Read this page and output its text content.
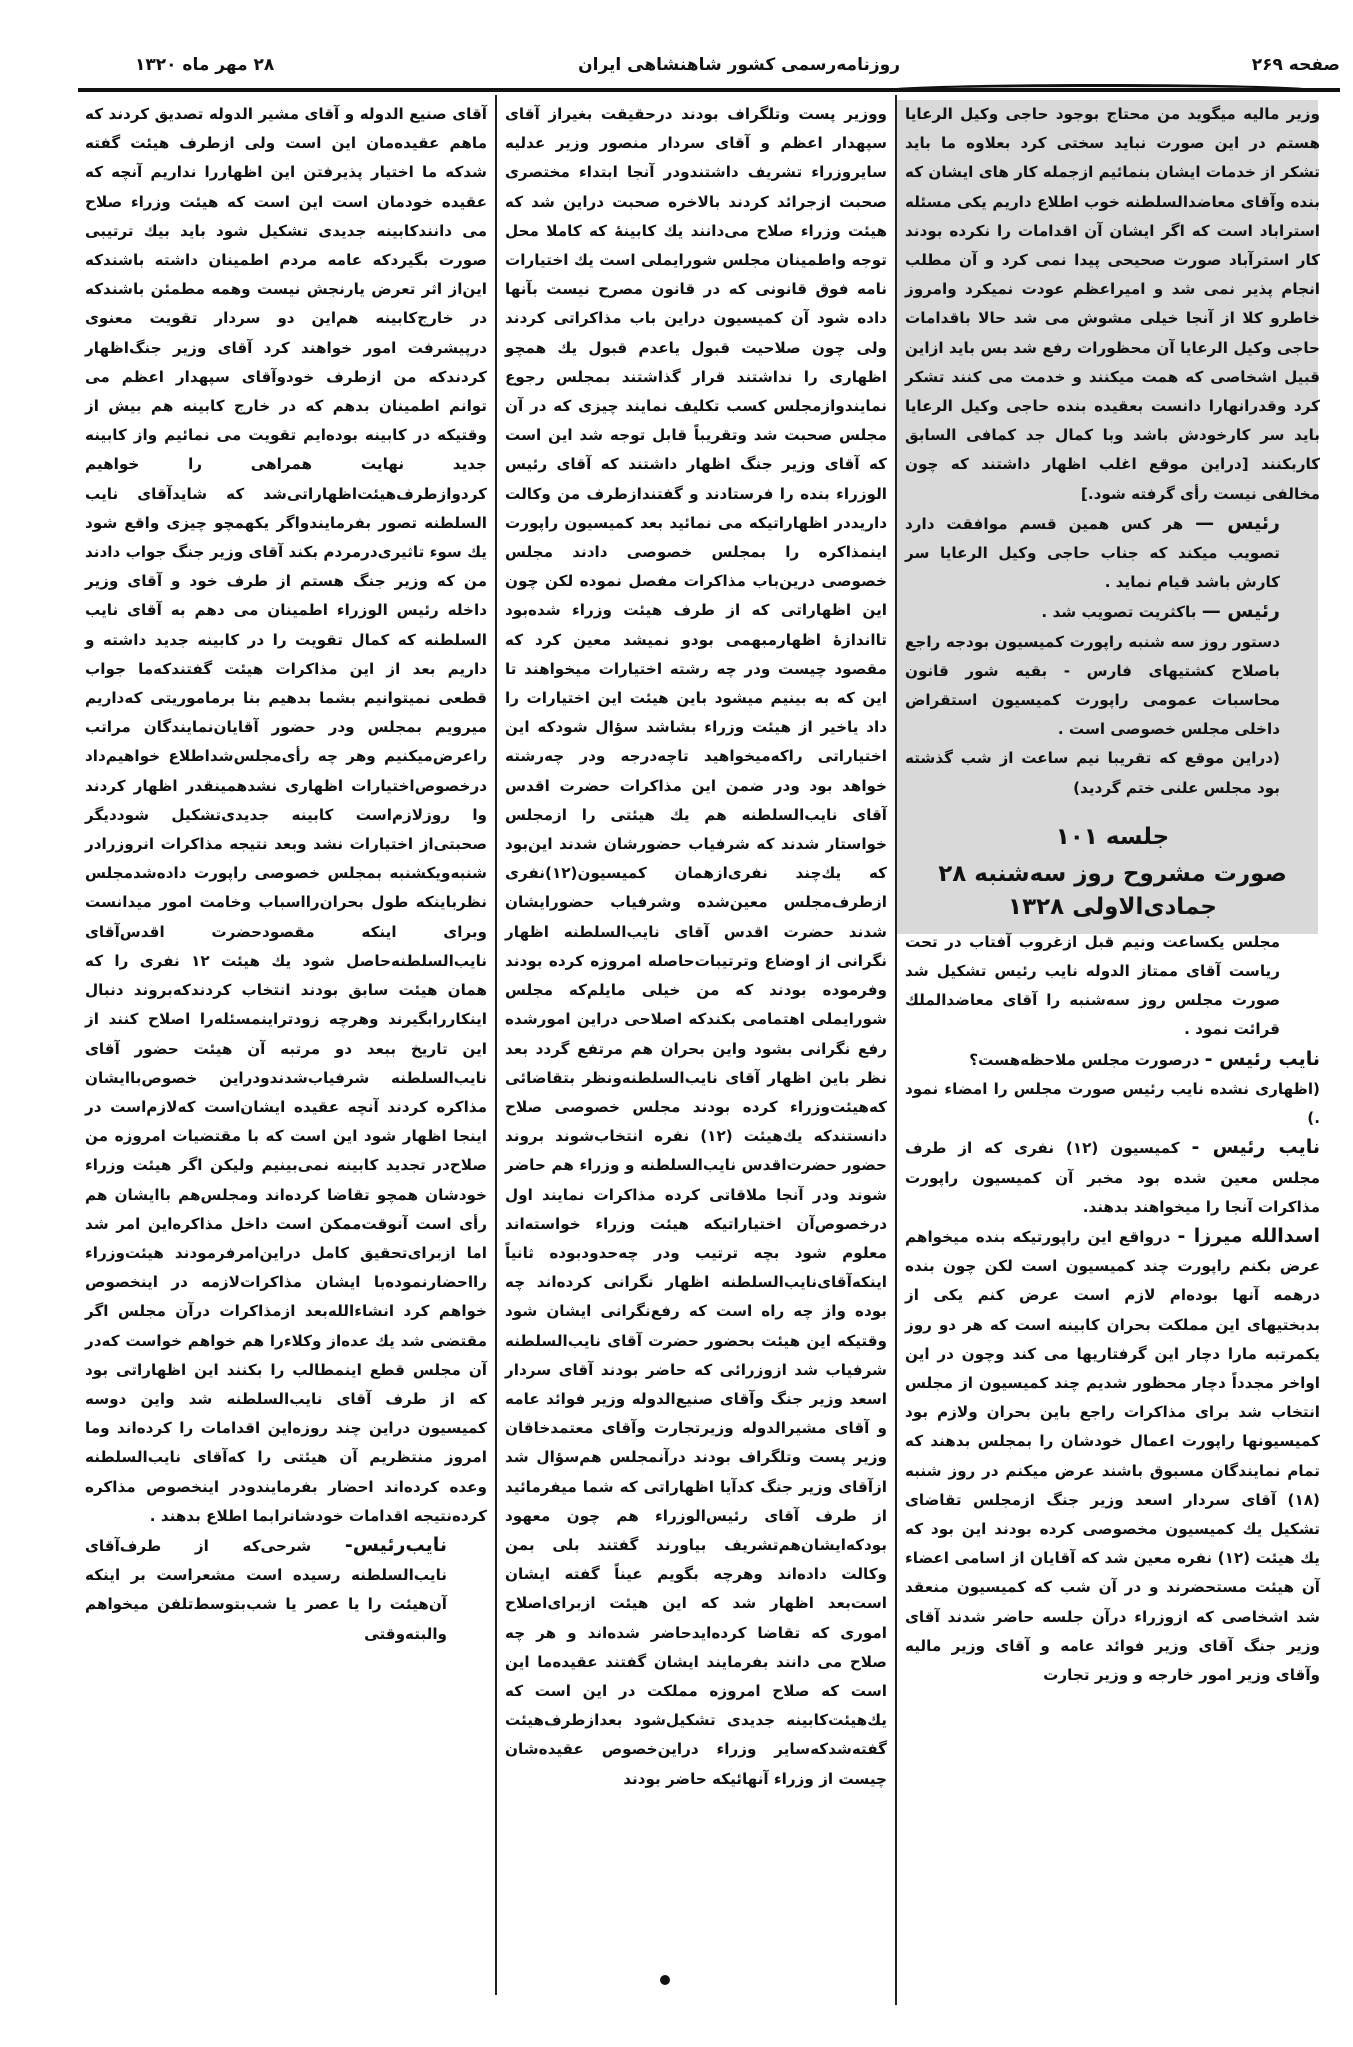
صفحه ۲۶۹
روزنامه‌رسمی کشور شاهنشاهی ایران
۲۸ مهر ماه ۱۳۲۰

وزیر مالیه میگوید من محتاج بوجود حاجی وکیل الرعایا هستم در این صورت نباید سختی کرد بعلاوه ما باید تشکر از خدمات ایشان بنمائیم ازجمله کار های ایشان که بنده وآقای معاضدالسلطنه خوب اطلاع داریم یکی مسئله استراباد است که اگر ایشان آن اقدامات را نکرده بودند کار استرآباد صورت صحیحی پیدا نمی کرد و آن مطلب انجام پذیر نمی شد و امیراعظم عودت نمیکرد وامروز خاطرو کلا از آنجا خیلی مشوش می شد حالا باقدامات حاجی وکیل الرعایا آن محظورات رفع شد بس باید ازاین قبیل اشخاصی که همت میکنند و خدمت می کنند تشکر کرد وقدرانهارا دانست بعقیده بنده حاجی وکیل الرعایا باید سر کارخودش باشد وبا کمال جد کمافی السابق کاربکنند [دراین موقع اغلب اظهار داشتند که چون مخالفی نیست رأی گرفته شود.]

رئیس — هر کس همین قسم موافقت دارد تصویب میکند که جناب حاجی وکیل الرعایا سر کارش باشد قیام نماید .

رئیس — باکثریت تصویب شد .

دستور روز سه شنبه راپورت کمیسیون بودجه راجع باصلاح کشتیهای فارس - بقیه شور قانون محاسبات عمومی راپورت کمیسیون استقراض داخلی مجلس خصوصی است .

(دراین موقع که تقریبا نیم ساعت از شب گذشته بود مجلس علنی ختم گردید)

جلسه ۱۰۱

صورت مشروح روز سه‌شنبه ۲۸

جمادی‌الاولی ۱۳۲۸

مجلس یکساعت ونیم قبل ازغروب آفتاب در تحت ریاست آقای ممتاز الدوله نایب رئیس تشکیل شد صورت مجلس روز سه‌شنبه را آقای معاضدالملك قرائت نمود .

نایب رئیس - درصورت مجلس ملاحظه‌هست؟

(اظهاری نشده نایب رئیس صورت مجلس را امضاء نمود .)

نایب رئیس - کمیسیون (۱۲) نفری که از طرف مجلس معین شده بود مخبر آن کمیسیون راپورت مذاکرات آنجا را میخواهند بدهند.

اسدالله میرزا - درواقع این راپورتیکه بنده میخواهم عرض بکنم راپورت چند کمیسیون است لکن چون بنده درهمه آنها بوده‌ام لازم است عرض کنم یکی از بدبختیهای این مملکت بحران کابینه است که هر دو روز یکمرتبه مارا دچار این گرفتاریها می کند وچون در این اواخر مجدداً دچار محظور شدیم چند کمیسیون از مجلس انتخاب شد برای مذاکرات راجع باین بحران ولازم بود کمیسیونها راپورت اعمال خودشان را بمجلس بدهند که تمام نمایندگان مسبوق باشند عرض میکنم در روز شنبه (۱۸) آقای سردار اسعد وزیر جنگ ازمجلس تقاضای تشکیل یك کمیسیون مخصوصی کرده بودند این بود که یك هیئت (۱۲) نفره معین شد که آقایان از اسامی اعضاء آن هیئت مستحضرند و در آن شب که کمیسیون منعقد شد اشخاصی که ازوزراء درآن جلسه حاضر شدند آقای وزیر جنگ آقای وزیر فوائد عامه و آقای وزیر مالیه وآقای وزیر امور خارجه و وزیر تجارت

ووزیر پست وتلگراف بودند درحقیقت بغیراز آقای سپهدار اعظم و آقای سردار منصور وزیر عدلیه سایروزراء تشریف داشتندودر آنجا ابتداء مختصری صحبت ازجرائد کردند بالاخره صحبت دراین شد که هیئت وزراء صلاح می‌دانند یك کابینهٔ که کاملا محل توجه واطمینان مجلس شورایملی است یك اختیارات نامه فوق قانونی که در قانون مصرح نیست بآنها داده شود آن کمیسیون دراین باب مذاکراتی کردند ولی چون صلاحیت قبول یاعدم قبول یك همچو اظهاری را نداشتند قرار گذاشتند بمجلس رجوع نمایندوازمجلس کسب تکلیف نمایند چیزی که در آن مجلس صحبت شد وتقریباً قابل توجه شد این است که آقای وزیر جنگ اظهار داشتند که آقای رئیس الوزراء بنده را فرستادند و گفتندازطرف من وکالت داریددر اظهاراتیکه می نمائید بعد کمیسیون راپورت اینمذاکره را بمجلس خصوصی دادند مجلس خصوصی درین‌باب مذاکرات مفصل نموده لکن چون این اظهاراتی که از طرف هیئت وزراء شده‌بود تااندازهٔ اظهارمبهمی بودو نمیشد معین کرد که مقصود چیست ودر چه رشته اختیارات میخواهند تا این که به بینیم میشود باین هیئت این اختیارات را داد یاخیر از هیئت وزراء بشاشد سؤال شودکه این اختیاراتی راکه‌میخواهید تاچه‌درجه ودر چه‌رشته خواهد بود ودر ضمن این مذاکرات حضرت اقدس آقای نایب‌السلطنه هم یك هیئتی را ازمجلس خواستار شدند که شرفیاب حضورشان شدند این‌بود که یك‌چند نفری‌ازهمان کمیسیون(۱۲)نفری ازطرف‌مجلس معین‌شده وشرفیاب حضورایشان شدند حضرت اقدس آقای نایب‌السلطنه اظهار نگرانی از اوضاع وترتیبات‌حاصله امروزه کرده بودند وفرموده بودند که من خیلی مایلم‌که مجلس شورایملی اهتمامی بکندکه اصلاحی دراین امورشده رفع نگرانی بشود واین بحران هم مرتفع گردد بعد نظر باین اظهار آقای نایب‌السلطنه‌ونظر بتقاضائی که‌هیئت‌وزراء کرده بودند مجلس خصوصی صلاح دانستندکه یك‌هیئت (۱۲) نفره انتخاب‌شوند بروند حضور حضرت‌اقدس نایب‌السلطنه و وزراء هم حاضر شوند ودر آنجا ملاقاتی کرده مذاکرات نمایند اول درخصوص‌آن اختیاراتیکه هیئت وزراء خواسته‌اند معلوم شود بچه ترتیب ودر چه‌حدودبوده ثانیاً اینکه‌آقای‌نایب‌السلطنه اظهار نگرانی کرده‌اند چه بوده واز چه راه است که رفع‌نگرانی ایشان شود وقتیکه این هیئت بحضور حضرت آقای نایب‌السلطنه شرفیاب شد ازوزرائی که حاضر بودند آقای سردار اسعد وزیر جنگ وآقای صنیع‌الدوله وزیر فوائد عامه و آقای مشیرالدوله وزیرتجارت وآقای معتمدخاقان وزیر پست وتلگراف بودند درآنمجلس هم‌سؤال شد ازآقای وزیر جنگ کدآیا اظهاراتی که شما میفرمائید از طرف آقای رئیس‌الوزراء هم چون معهود بودکه‌ایشان‌هم‌تشریف بیاورند گفتند بلی بمن وکالت داده‌اند وهرچه بگویم عیناً گفته ایشان است‌بعد اظهار شد که این هیئت ازبرای‌اصلاح اموری که تقاضا کرده‌ایدحاضر شده‌اند و هر چه صلاح می دانند بفرمایند ایشان گفتند عقیده‌ما این است که صلاح امروزه مملکت در این است که یك‌هیئت‌کابینه جدیدی تشکیل‌شود بعدازطرف‌هیئت گفته‌شدکه‌سایر وزراء دراین‌خصوص عقیده‌شان چیست از وزراء آنهائیکه حاضر بودند

آقای صنیع الدوله و آقای مشیر الدوله تصدیق کردند که ماهم عقیده‌مان این است ولی ازطرف هیئت گفته شدکه ما اختیار پذیرفتن این اظهاررا نداریم آنچه که عقیده خودمان است این است که هیئت وزراء صلاح می دانندکابینه جدیدی تشکیل شود باید بیك ترتیبی صورت بگیردکه عامه مردم اطمینان داشته باشندکه این‌از اثر تعرض یارنجش نیست وهمه مطمئن باشندکه در خارج‌کابینه هم‌این دو سردار تقویت معنوی درپیشرفت امور خواهند کرد آقای وزیر جنگ‌اظهار کردندکه من ازطرف خودوآقای سپهدار اعظم می توانم اطمینان بدهم که در خارج کابینه هم بیش از وقتیکه در کابینه بوده‌ایم تقویت می نمائیم واز کابینه جدید نهایت همراهی را خواهیم کردوازطرف‌هیئت‌اظهاراتی‌شد که شایدآقای نایب السلطنه تصور بفرمایندواگر یکهمچو چیزی واقع شود یك سوء تاثیری‌درمردم بکند آقای وزیر جنگ جواب دادند من که وزیر جنگ هستم از طرف خود و آقای وزیر داخله رئیس الوزراء اطمینان می دهم به آقای نایب السلطنه که کمال تقویت را در کابینه جدید داشته و داریم بعد از این مذاکرات هیئت گفتندکه‌ما جواب قطعی نمیتوانیم بشما بدهیم بنا برماموریتی که‌داریم میرویم بمجلس ودر حضور آقایان‌نمایندگان مراتب راعرض‌میکنیم وهر چه رأی‌مجلس‌شداطلاع خواهیم‌داد درخصوص‌اختیارات اظهاری نشدهمینقدر اظهار کردند وا روزلازم‌است کابینه جدیدی‌تشکیل شوددیگر صحبتی‌از اختیارات نشد وبعد نتیجه مذاکرات انروزرادر شنبه‌ویکشنبه بمجلس خصوصی راپورت داده‌شدمجلس نظرباینکه طول بحران‌رااسباب وخامت امور میدانست وبرای اینکه مقصودحضرت اقدس‌آقای نایب‌السلطنه‌حاصل شود یك هیئت ۱۲ نفری را که همان هیئت سابق بودند انتخاب کردندکه‌بروند دنبال اینکاررابگیرند وهرچه زودتراینمسئله‌را اصلاح کنند از این تاریخ ببعد دو مرتبه آن هیئت حضور آقای نایب‌السلطنه شرفیاب‌شدندودراین خصوص‌باایشان مذاکره کردند آنچه عقیده ایشان‌است که‌لازم‌است در اینجا اظهار شود این است که با مقتضیات امروزه من صلاح‌در تجدید کابینه نمی‌بینیم ولیکن اگر هیئت وزراء خودشان همچو تقاضا کرده‌اند ومجلس‌هم باایشان هم رأی است آنوقت‌ممکن است داخل مذاکره‌این امر شد اما ازبرای‌تحقیق کامل دراین‌امرفرمودند هیئت‌وزراء رااحضارنموده‌با ایشان مذاکرات‌لازمه در اینخصوص خواهم کرد انشاءالله‌بعد ازمذاکرات درآن مجلس اگر مقتضی شد یك عده‌از وکلاءرا هم خواهم خواست که‌در آن مجلس قطع اینمطالب را بکنند این اظهاراتی بود که از طرف آقای نایب‌السلطنه شد واین دوسه کمیسیون دراین چند روزه‌این اقدامات را کرده‌اند وما امروز منتظریم آن هیئتی را که‌آقای نایب‌السلطنه وعده کرده‌اند احضار بفرمایندودر اینخصوص مذاکره کرده‌نتیجه اقدامات خودشانرابما اطلاع بدهند .

نایب‌رئیس- شرحی‌که از طرف‌آقای نایب‌السلطنه رسیده است مشعراست بر اینکه آن‌هیئت را یا عصر یا شب‌بتوسط‌تلفن میخواهم والبته‌وقتی
